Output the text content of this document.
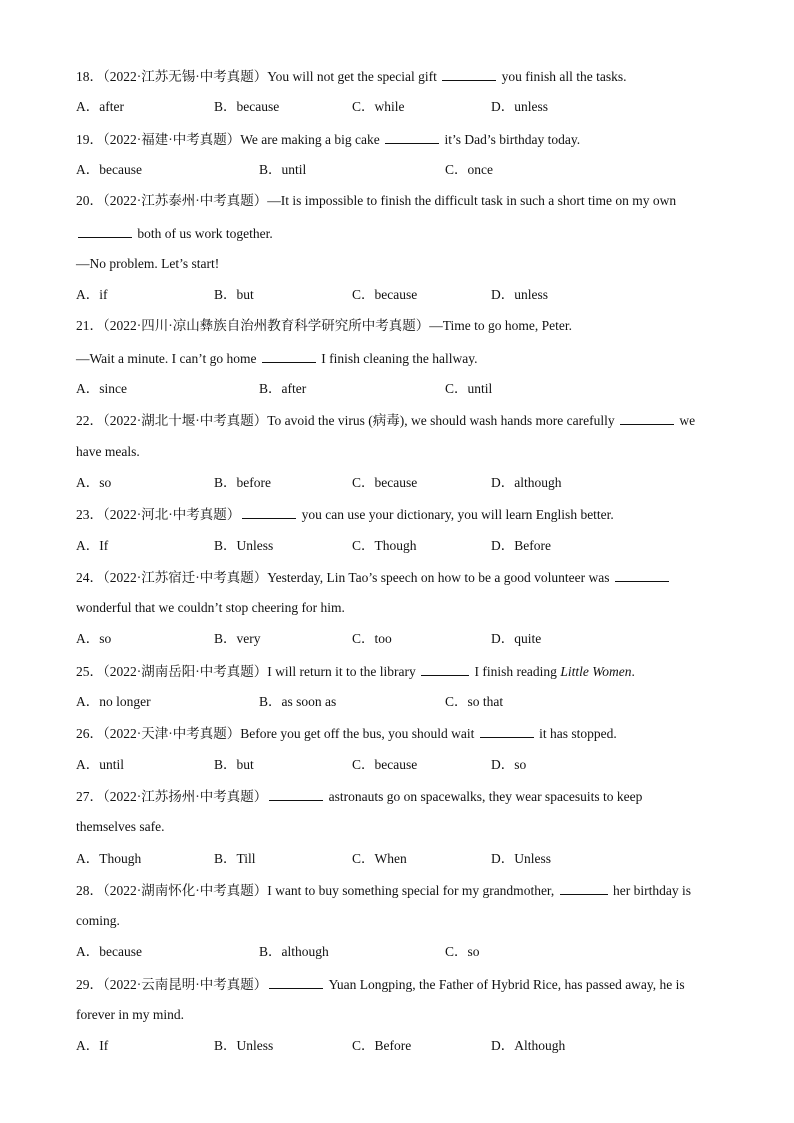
18．（2022·江苏无锡·中考真题）You will not get the special gift	you finish all the tasks.
A．after	B．because	C．while	D．unless
19．（2022·福建·中考真题）We are making a big cake	it’s Dad’s birthday today.
A．because	B．until	C．once
20．（2022·江苏泰州·中考真题）—It is impossible to finish the difficult task in such a short time on my own
both of us work together.
—No problem. Let’s start!
A．if	B．but	C．because	D．unless
21．（2022·四川·凉山彝族自治州教育科学研究所中考真题）—Time to go home, Peter.
—Wait a minute. I can’t go home	I finish cleaning the hallway.
A．since	B．after	C．until
22．（2022·湖北十堰·中考真题）To avoid the virus (病毒), we should wash hands more carefully	we
have meals.
A．so	B．before	C．because	D．although
23．（2022·河北·中考真题）	you can use your dictionary, you will learn English better.
A．If	B．Unless	C．Though	D．Before
24．（2022·江苏宿迁·中考真题）Yesterday, Lin Tao’s speech on how to be a good volunteer was
wonderful that we couldn’t stop cheering for him.
A．so	B．very	C．too	D．quite
25．（2022·湖南岳阳·中考真题）I will return it to the library	I finish reading Little Women.
A．no longer	B．as soon as	C．so that
26．（2022·天津·中考真题）Before you get off the bus, you should wait	it has stopped.
A．until	B．but	C．because	D．so
27．（2022·江苏扬州·中考真题）	astronauts go on spacewalks, they wear spacesuits to keep
themselves safe.
A．Though	B．Till	C．When	D．Unless
28．（2022·湖南怀化·中考真题）I want to buy something special for my grandmother,	her birthday is
coming.
A．because	B．although	C．so
29．（2022·云南昆明·中考真题）	Yuan Longping, the Father of Hybrid Rice, has passed away, he is
forever in my mind.
A．If	B．Unless	C．Before	D．Although
